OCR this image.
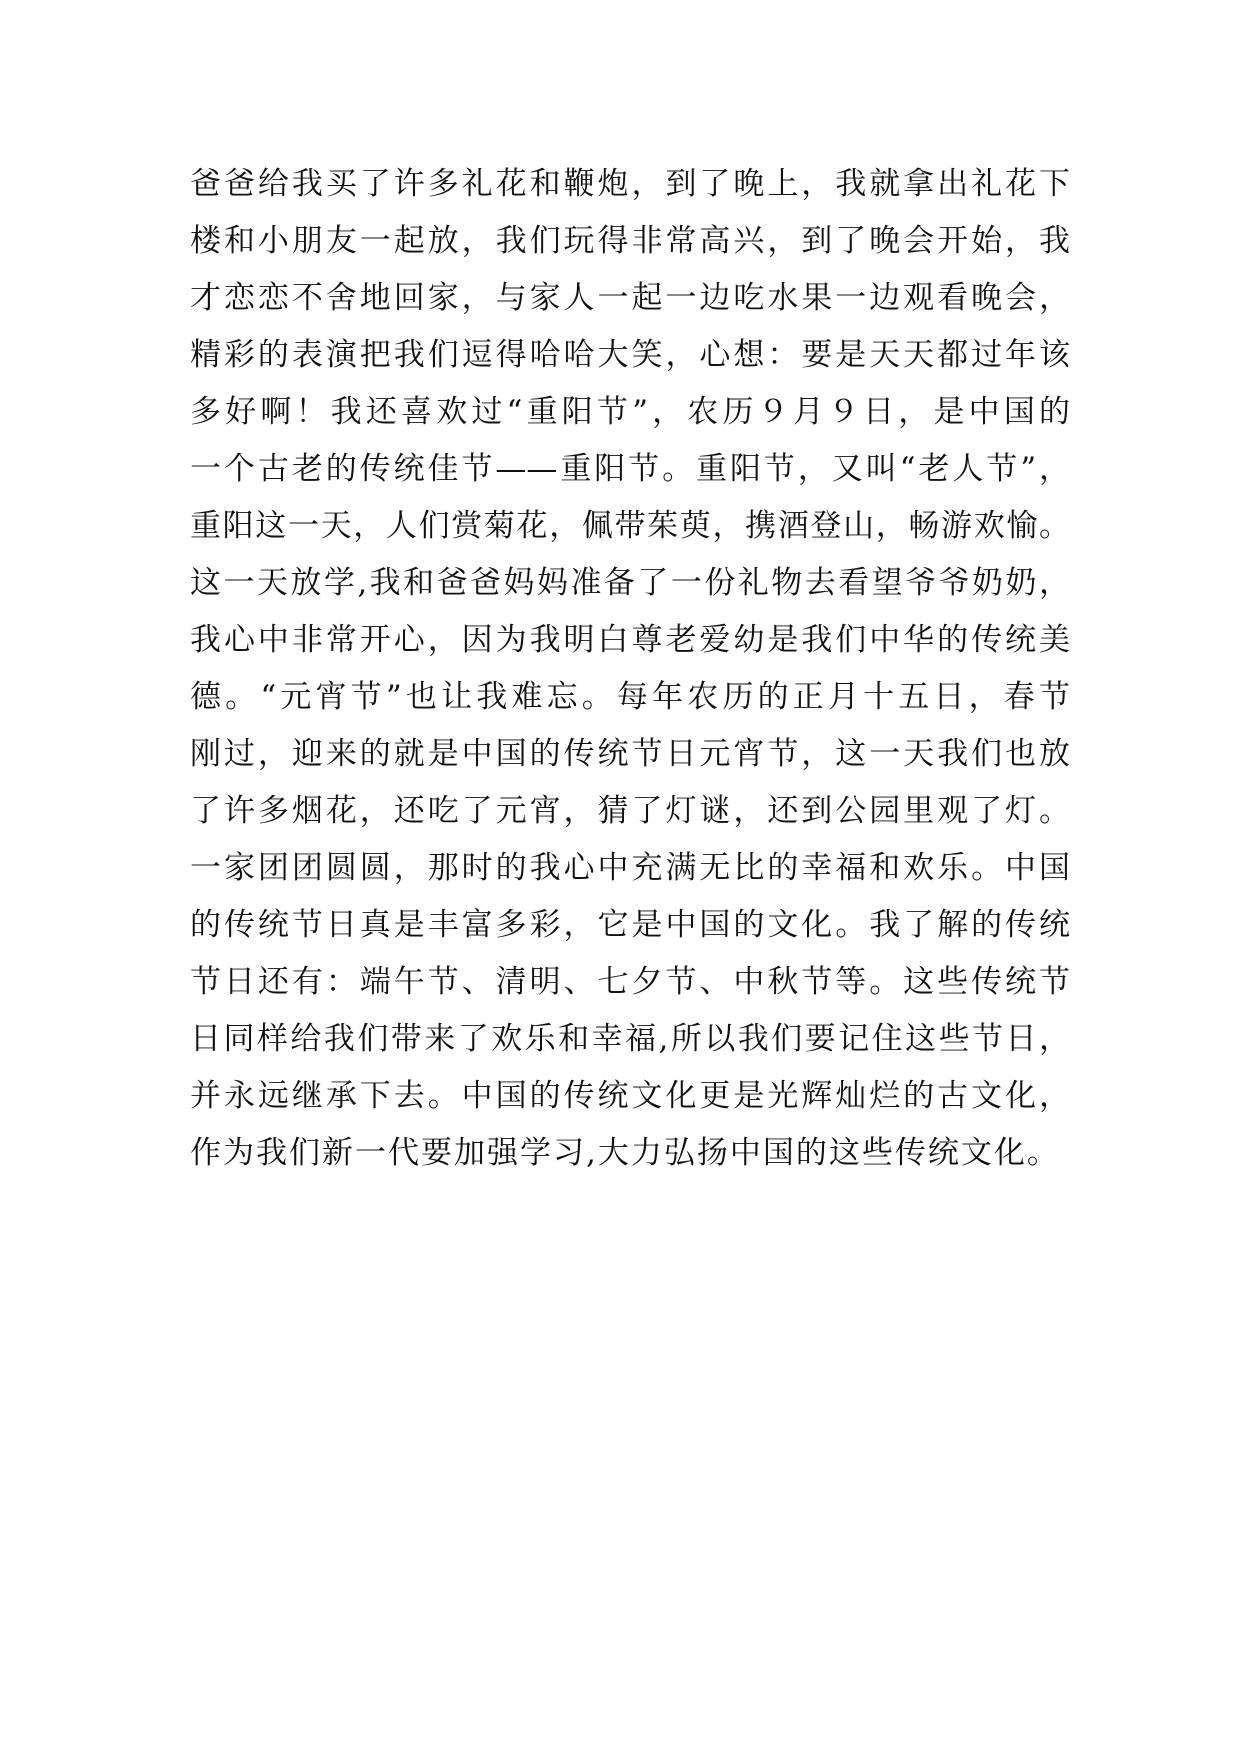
爸爸给我买了许多礼花和鞭炮，到了晚上，我就拿出礼花下
楼和小朋友一起放，我们玩得非常高兴，到了晚会开始，我
才恋恋不舍地回家，与家人一起一边吃水果一边观看晚会，
精彩的表演把我们逗得哈哈大笑，心想：要是天天都过年该
多好啊！我还喜欢过“重阳节”，农历９月９日，是中国的
一个古老的传统佳节——重阳节。重阳节，又叫“老人节”，
重阳这一天，人们赏菊花，佩带茱萸，携酒登山，畅游欢愉。
这一天放学,我和爸爸妈妈准备了一份礼物去看望爷爷奶奶，
我心中非常开心，因为我明白尊老爱幼是我们中华的传统美
德。“元宵节”也让我难忘。每年农历的正月十五日，春节
刚过，迎来的就是中国的传统节日元宵节，这一天我们也放
了许多烟花，还吃了元宵，猜了灯谜，还到公园里观了灯。
一家团团圆圆，那时的我心中充满无比的幸福和欢乐。中国
的传统节日真是丰富多彩，它是中国的文化。我了解的传统
节日还有：端午节、清明、七夕节、中秋节等。这些传统节
日同样给我们带来了欢乐和幸福,所以我们要记住这些节日，
并永远继承下去。中国的传统文化更是光辉灿烂的古文化，
作为我们新一代要加强学习,大力弘扬中国的这些传统文化。
